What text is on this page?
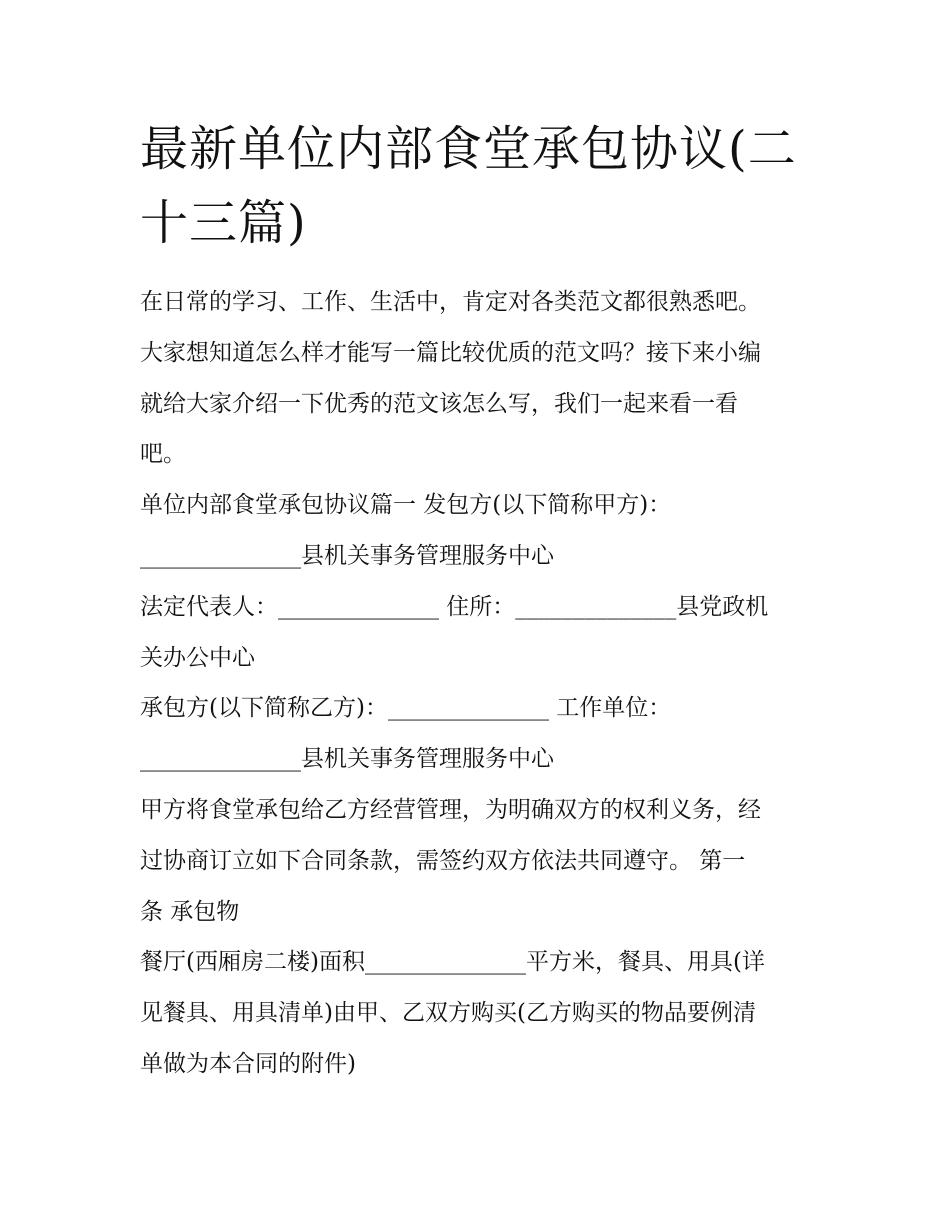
最新单位内部食堂承包协议(二十三篇)
在日常的学习、工作、生活中，肯定对各类范文都很熟悉吧。
大家想知道怎么样才能写一篇比较优质的范文吗？接下来小编
就给大家介绍一下优秀的范文该怎么写，我们一起来看一看
吧。
单位内部食堂承包协议篇一 发包方(以下简称甲方)：
______________县机关事务管理服务中心
法定代表人：______________ 住所：______________县党政机
关办公中心
承包方(以下简称乙方)：______________ 工作单位：
______________县机关事务管理服务中心
甲方将食堂承包给乙方经营管理，为明确双方的权利义务，经
过协商订立如下合同条款，需签约双方依法共同遵守。 第一
条 承包物
餐厅(西厢房二楼)面积______________平方米，餐具、用具(详
见餐具、用具清单)由甲、乙双方购买(乙方购买的物品要例清
单做为本合同的附件)
